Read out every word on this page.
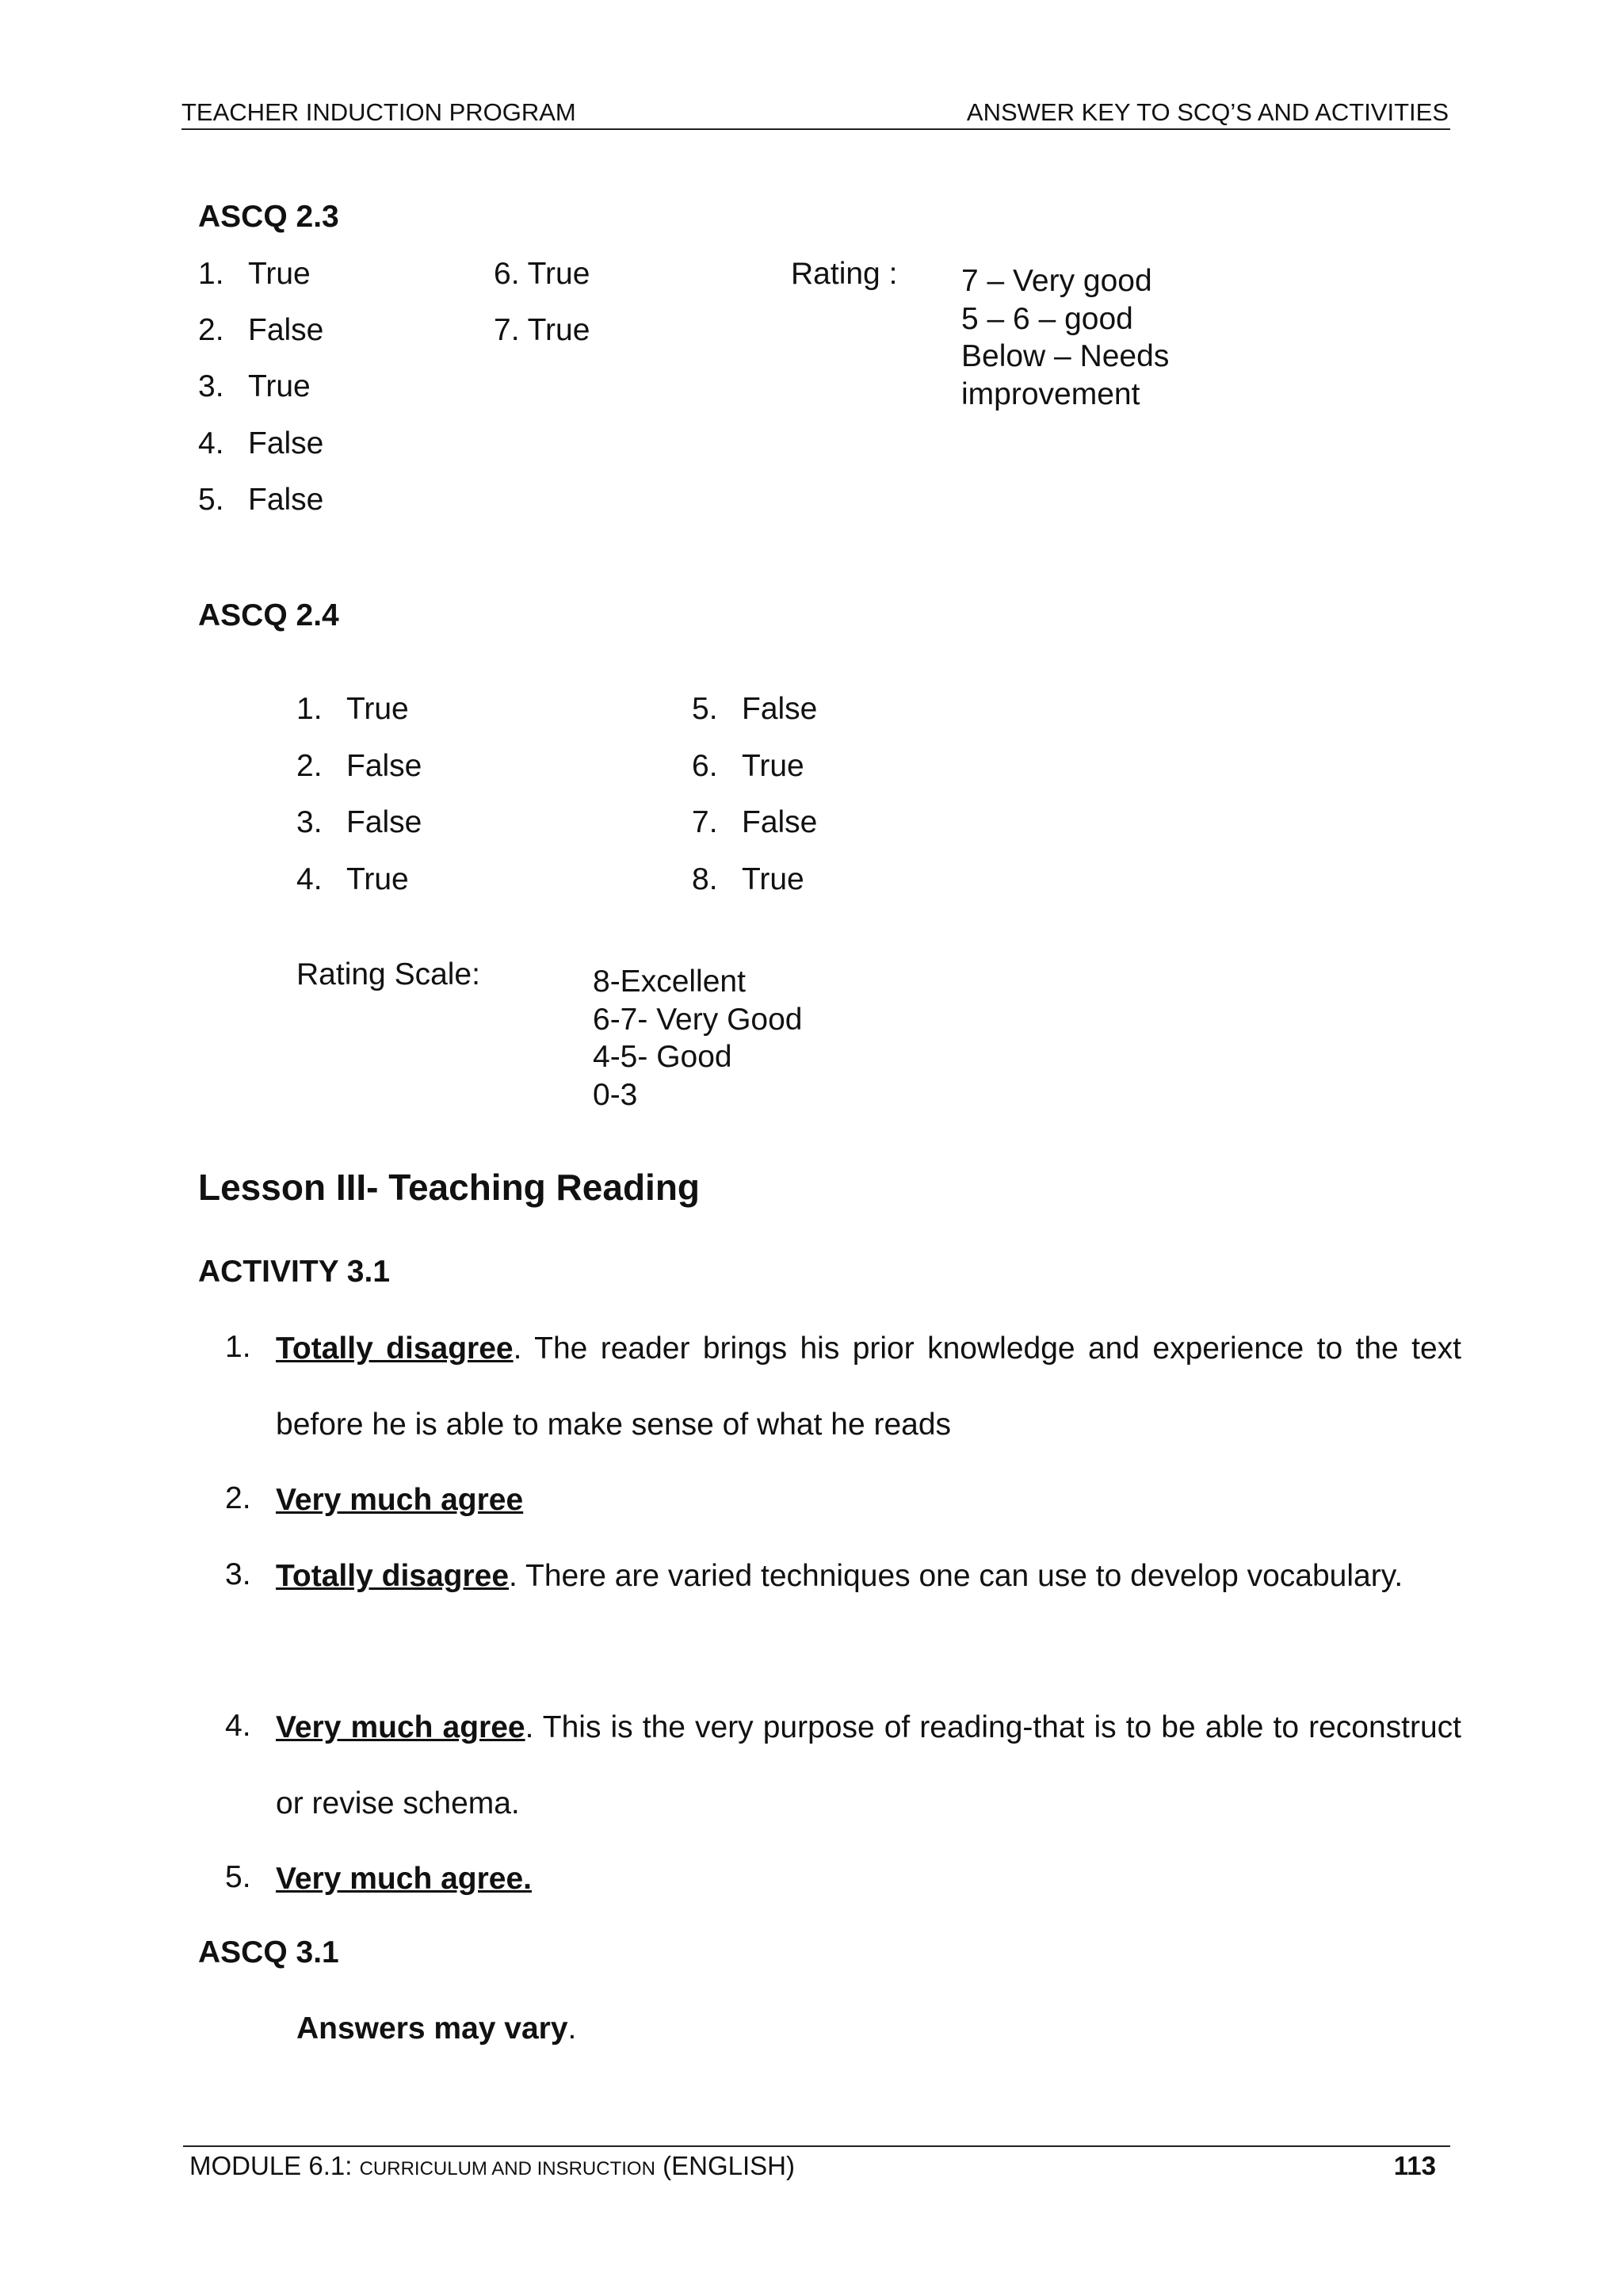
TEACHER INDUCTION PROGRAM	ANSWER KEY TO SCQ’S AND ACTIVITIES
ASCQ 2.3
1. True
2. False
3. True
4. False
5. False
6. True
7. True
Rating : 7 – Very good
5 – 6 – good
Below – Needs
improvement
ASCQ 2.4
1. True
2. False
3. False
4. True
5. False
6. True
7. False
8. True
Rating Scale:	8-Excellent
6-7- Very Good
4-5- Good
0-3
Lesson III- Teaching Reading
ACTIVITY 3.1
1. Totally disagree. The reader brings his prior knowledge and experience to the text before he is able to make sense of what he reads
2. Very much agree
3. Totally disagree. There are varied techniques one can use to develop vocabulary.
4. Very much agree. This is the very purpose of reading-that is to be able to reconstruct or revise schema.
5. Very much agree.
ASCQ 3.1
Answers may vary.
MODULE 6.1: CURRICULUM AND INSRUCTION (ENGLISH)	113
